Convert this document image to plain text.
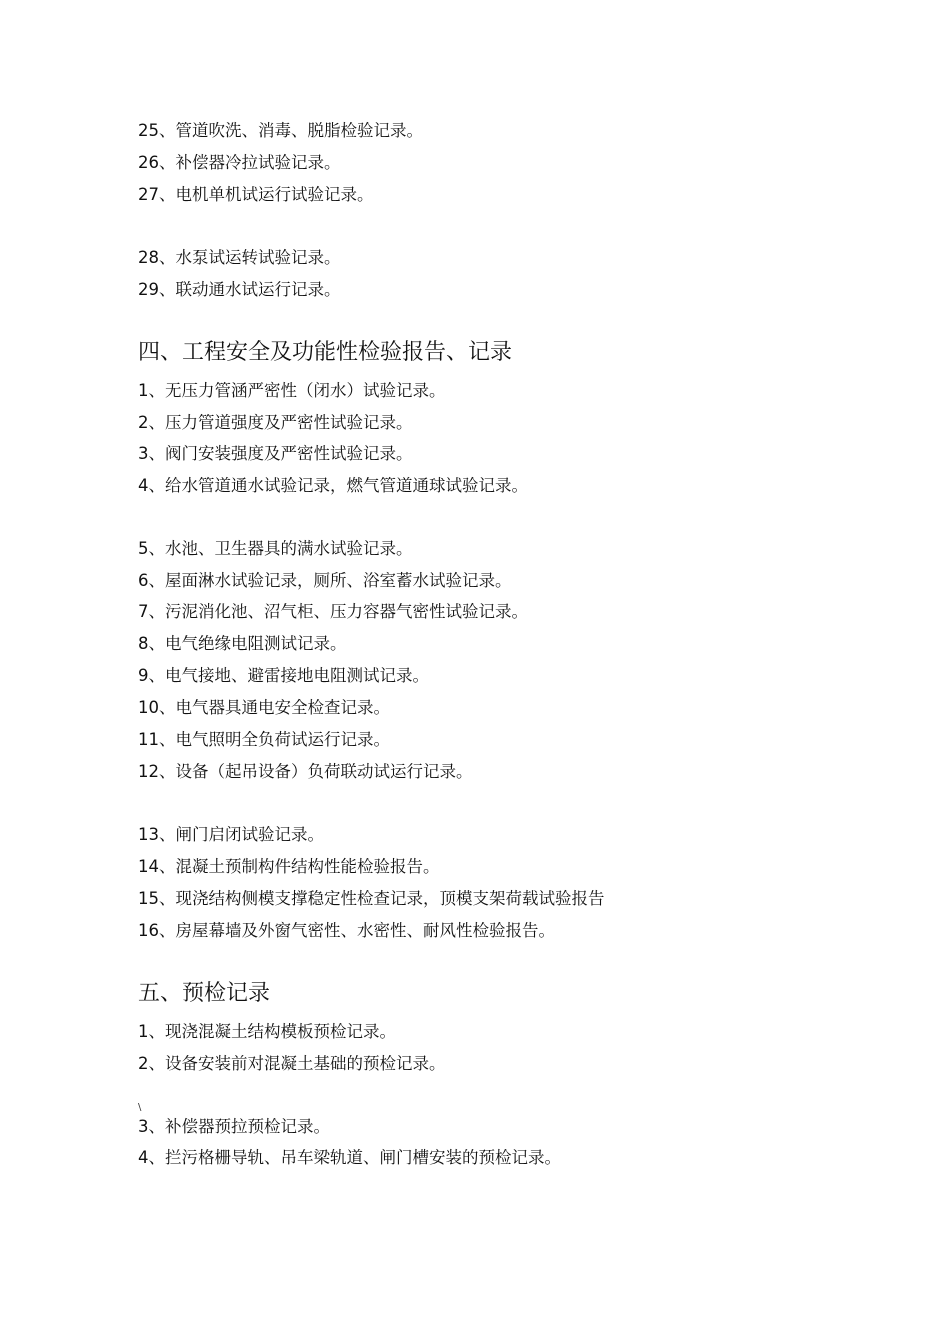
25、管道吹洗、消毒、脱脂检验记录。
26、补偿器冷拉试验记录。
27、电机单机试运行试验记录。
28、水泵试运转试验记录。
29、联动通水试运行记录。
四、工程安全及功能性检验报告、记录
1、无压力管涵严密性（闭水）试验记录。
2、压力管道强度及严密性试验记录。
3、阀门安装强度及严密性试验记录。
4、给水管道通水试验记录，燃气管道通球试验记录。
5、水池、卫生器具的满水试验记录。
6、屋面淋水试验记录，厕所、浴室蓄水试验记录。
7、污泥消化池、沼气柜、压力容器气密性试验记录。
8、电气绝缘电阻测试记录。
9、电气接地、避雷接地电阻测试记录。
10、电气器具通电安全检查记录。
11、电气照明全负荷试运行记录。
12、设备（起吊设备）负荷联动试运行记录。
13、闸门启闭试验记录。
14、混凝土预制构件结构性能检验报告。
15、现浇结构侧模支撑稳定性检查记录，顶模支架荷载试验报告
16、房屋幕墙及外窗气密性、水密性、耐风性检验报告。
五、预检记录
1、现浇混凝土结构模板预检记录。
2、设备安装前对混凝土基础的预检记录。
\
3、补偿器预拉预检记录。
4、拦污格栅导轨、吊车梁轨道、闸门槽安装的预检记录。
